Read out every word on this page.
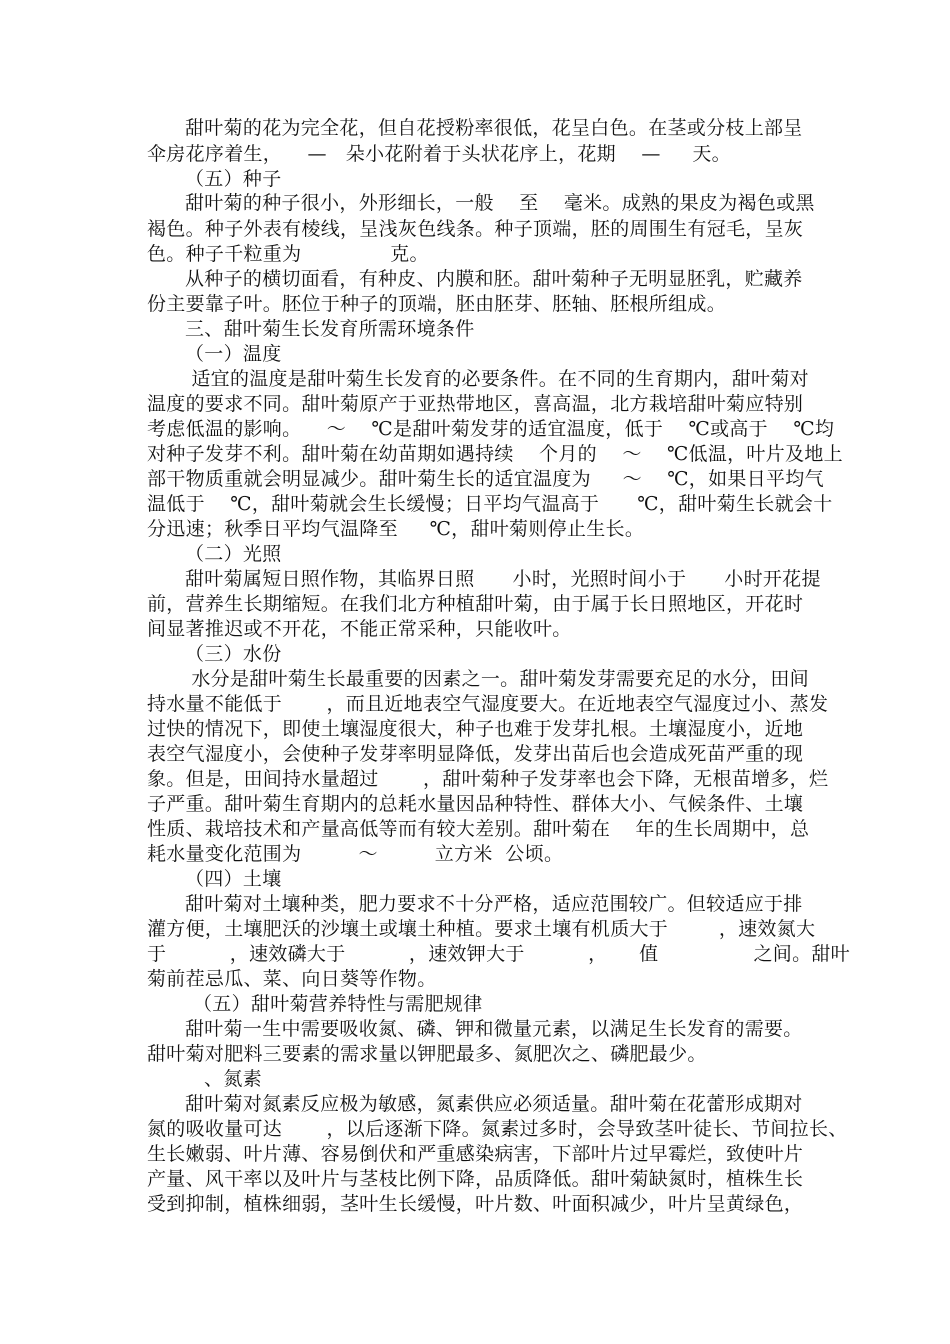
甜叶菊的花为完全花，但自花授粉率很低，花呈白色。在茎或分枝上部呈
伞房花序着生，    —   朵小花附着于头状花序上，花期    —     天。
（五）种子
甜叶菊的种子很小，外形细长，一般    至    毫米。成熟的果皮为褐色或黑
褐色。种子外表有棱线，呈浅灰色线条。种子顶端，胚的周围生有冠毛，呈灰
色。种子千粒重为              克。
从种子的横切面看，有种皮、内膜和胚。甜叶菊种子无明显胚乳，贮藏养
份主要靠子叶。胚位于种子的顶端，胚由胚芽、胚轴、胚根所组成。
三、甜叶菊生长发育所需环境条件
（一）温度
适宜的温度是甜叶菊生长发育的必要条件。在不同的生育期内，甜叶菊对
温度的要求不同。甜叶菊原产于亚热带地区，喜高温，北方栽培甜叶菊应特别
考虑低温的影响。    ～    ℃是甜叶菊发芽的适宜温度，低于    ℃或高于    ℃均
对种子发芽不利。甜叶菊在幼苗期如遇持续    个月的    ～    ℃低温，叶片及地上
部干物质重就会明显减少。甜叶菊生长的适宜温度为     ～    ℃，如果日平均气
温低于    ℃，甜叶菊就会生长缓慢；日平均气温高于      ℃，甜叶菊生长就会十
分迅速；秋季日平均气温降至     ℃，甜叶菊则停止生长。
（二）光照
甜叶菊属短日照作物，其临界日照      小时，光照时间小于      小时开花提
前，营养生长期缩短。在我们北方种植甜叶菊，由于属于长日照地区，开花时
间显著推迟或不开花，不能正常采种，只能收叶。
（三）水份
水分是甜叶菊生长最重要的因素之一。甜叶菊发芽需要充足的水分，田间
持水量不能低于       ，而且近地表空气湿度要大。在近地表空气湿度过小、蒸发
过快的情况下，即使土壤湿度很大，种子也难于发芽扎根。土壤湿度小，近地
表空气湿度小，会使种子发芽率明显降低，发芽出苗后也会造成死苗严重的现
象。但是，田间持水量超过       ，甜叶菊种子发芽率也会下降，无根苗增多，烂
子严重。甜叶菊生育期内的总耗水量因品种特性、群体大小、气候条件、土壤
性质、栽培技术和产量高低等而有较大差别。甜叶菊在    年的生长周期中，总
耗水量变化范围为         ～         立方米  公顷。
（四）土壤
甜叶菊对土壤种类，肥力要求不十分严格，适应范围较广。但较适应于排
灌方便，土壤肥沃的沙壤土或壤土种植。要求土壤有机质大于        ，速效氮大
于          ，速效磷大于          ，速效钾大于          ，     值               之间。甜叶
菊前茬忌瓜、菜、向日葵等作物。
（五）甜叶菊营养特性与需肥规律
甜叶菊一生中需要吸收氮、磷、钾和微量元素，以满足生长发育的需要。
甜叶菊对肥料三要素的需求量以钾肥最多、氮肥次之、磷肥最少。
、氮素
甜叶菊对氮素反应极为敏感，氮素供应必须适量。甜叶菊在花蕾形成期对
氮的吸收量可达       ，以后逐渐下降。氮素过多时，会导致茎叶徒长、节间拉长、
生长嫩弱、叶片薄、容易倒伏和严重感染病害，下部叶片过早霉烂，致使叶片
产量、风干率以及叶片与茎枝比例下降，品质降低。甜叶菊缺氮时，植株生长
受到抑制，植株细弱，茎叶生长缓慢，叶片数、叶面积减少，叶片呈黄绿色，
